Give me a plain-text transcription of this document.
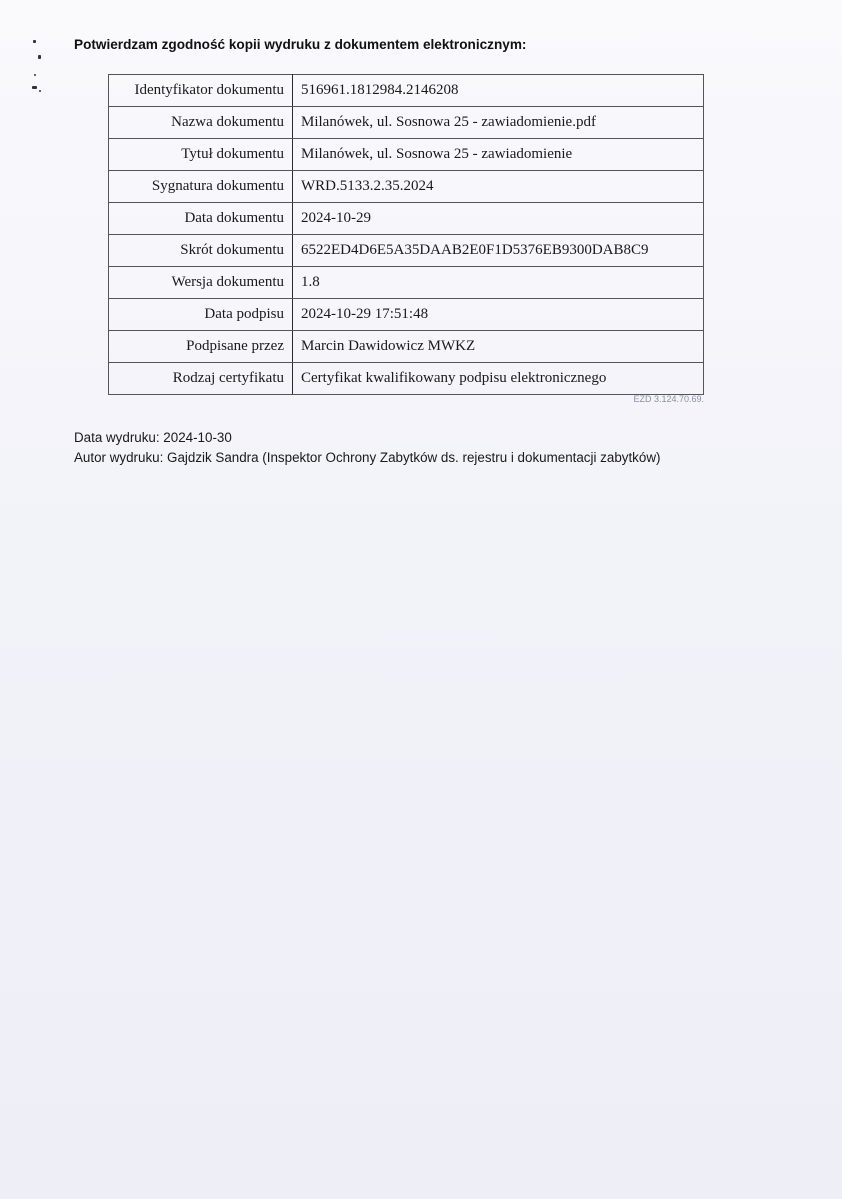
Potwierdzam zgodność kopii wydruku z dokumentem elektronicznym:
Identyfikator dokumentu	516961.1812984.2146208
Nazwa dokumentu	Milanówek, ul. Sosnowa 25 - zawiadomienie.pdf
Tytuł dokumentu	Milanówek, ul. Sosnowa 25 - zawiadomienie
Sygnatura dokumentu	WRD.5133.2.35.2024
Data dokumentu	2024-10-29
Skrót dokumentu	6522ED4D6E5A35DAAB2E0F1D5376EB9300DAB8C9
Wersja dokumentu	1.8
Data podpisu	2024-10-29 17:51:48
Podpisane przez	Marcin Dawidowicz MWKZ
Rodzaj certyfikatu	Certyfikat kwalifikowany podpisu elektronicznego
EZD 3.124.70.69.
Data wydruku: 2024-10-30
Autor wydruku: Gajdzik Sandra (Inspektor Ochrony Zabytków ds. rejestru i dokumentacji zabytków)
